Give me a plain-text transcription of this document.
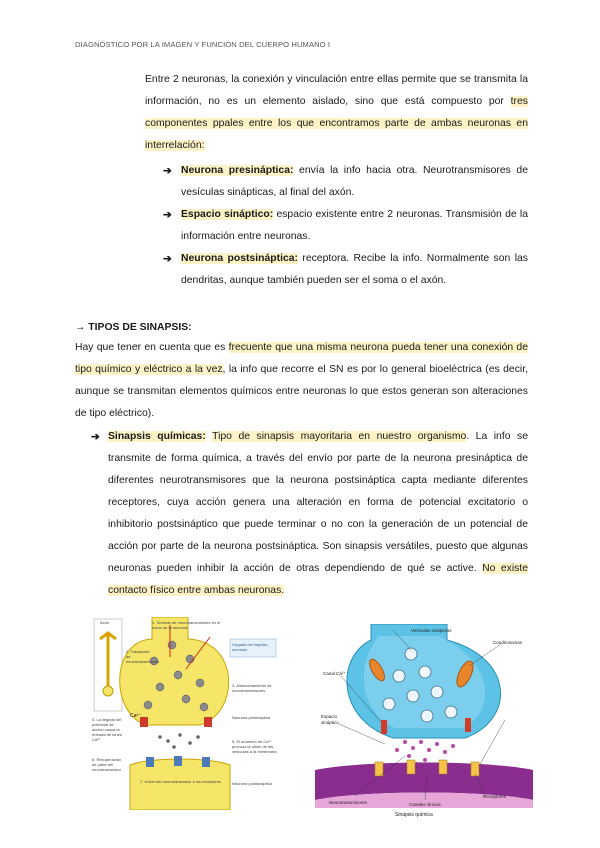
DIAGNÓSTICO POR LA IMAGEN Y FUNCIÓN DEL CUERPO HUMANO I
Entre 2 neuronas, la conexión y vinculación entre ellas permite que se transmita la información, no es un elemento aislado, sino que está compuesto por tres componentes ppales entre los que encontramos parte de ambas neuronas en interrelación:
➔ Neurona presináptica: envía la info hacia otra. Neurotransmisores de vesículas sinápticas, al final del axón.
➔ Espacio sináptico: espacio existente entre 2 neuronas. Transmisión de la información entre neuronas.
➔ Neurona postsináptica: receptora. Recibe la info. Normalmente son las dendritas, aunque también pueden ser el soma o el axón.
→ TIPOS DE SINAPSIS:
Hay que tener en cuenta que es frecuente que una misma neurona pueda tener una conexión de tipo químico y eléctrico a la vez, la info que recorre el SN es por lo general bioeléctrica (es decir, aunque se transmitan elementos químicos entre neuronas lo que estos generan son alteraciones de tipo eléctrico).
➔ Sinapsis químicas: Tipo de sinapsis mayoritaria en nuestro organismo. La info se transmite de forma química, a través del envío por parte de la neurona presináptica de diferentes neurotransmisores que la neurona postsináptica capta mediante diferentes receptores, cuya acción genera una alteración en forma de potencial excitatorio o inhibitorio postsináptico que puede terminar o no con la generación de un potencial de acción por parte de la neurona postsináptica. Son sinapsis versátiles, puesto que algunas neuronas pueden inhibir la acción de otras dependiendo de qué se active. No existe contacto físico entre ambas neuronas.
Axón	1. Síntesis de neurotransmisores en el soma de la neurona
Llegada del impulso nervioso
2. Transporte de neurotransmisores
Ca²⁺
3. Almacenamiento de neurotransmisores
4. La llegada del potencial de acción causa la entrada de iones Ca²⁺
Neurona presináptica
5. El aumento de Ca²⁺ provoca la unión de las vesículas a la membrana
6. Recuperación de parte del neurotransmisor
7. Unión del neurotransmisor a los receptores	Neurona postsináptica
Vesículas sinápticas
Condriosomas
Canal Ca²⁺
Espacio sináptico
Receptores
Neurotransmisores	Canales iónicos
Sinapsis química
